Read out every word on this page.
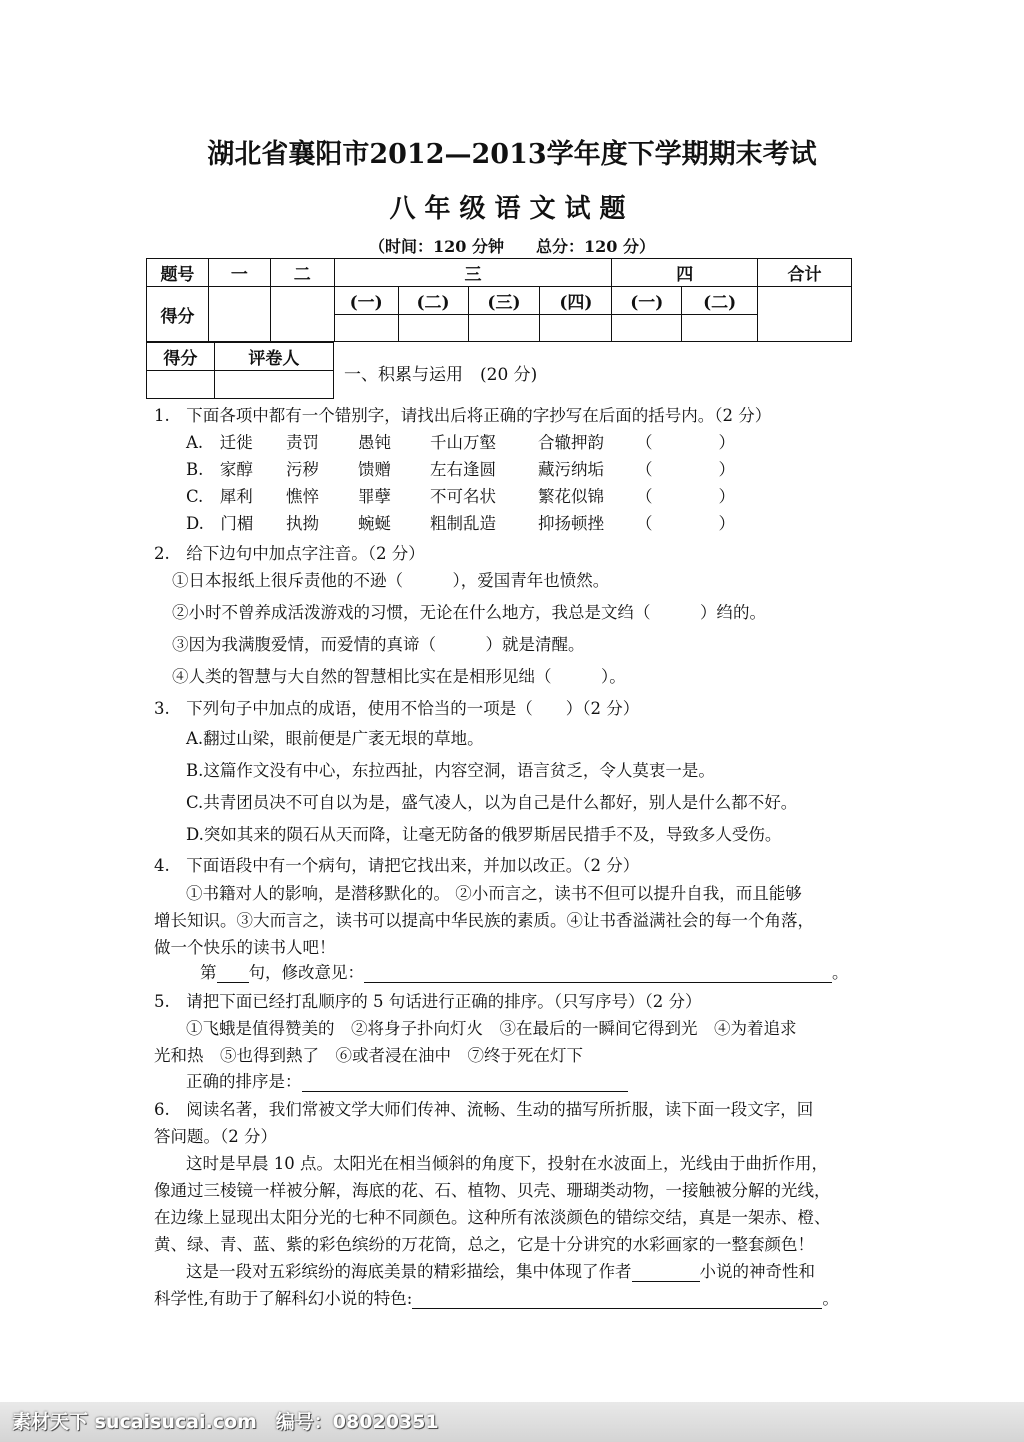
湖北省襄阳市2012—2013学年度下学期期末考试
八年级语文试题
（时间：120 分钟　　总分：120 分）
题号	一	二	三				四		合计
得分			(一)	(二)	(三)	(四)	(一)	(二)	

得分	评卷人

一、积累与运用　(20 分)
1.　下面各项中都有一个错别字，请找出后将正确的字抄写在后面的括号内。（2 分）
A.　迁徙 责罚 愚钝 千山万壑	合辙押韵 （　　　　）
B.　家醇 污秽 馈赠 左右逢圆	藏污纳垢 （　　　　）
C.　犀利 憔悴 罪孽 不可名状	繁花似锦 （　　　　）
D.　门楣 执拗 蜿蜒 粗制乱造	抑扬顿挫 （　　　　）
2.　给下边句中加点字注音。（2 分）
①日本报纸上很斥责他的不逊（　　　），爱国青年也愤然。
②小时不曾养成活泼游戏的习惯，无论在什么地方，我总是文绉（　　　）绉的。
③因为我满腹爱情，而爱情的真谛（　　　）就是清醒。
④人类的智慧与大自然的智慧相比实在是相形见绌（　　　）。
3.　下列句子中加点的成语，使用不恰当的一项是（　　）（2 分）
A.翻过山梁，眼前便是广袤无垠的草地。
B.这篇作文没有中心，东拉西扯，内容空洞，语言贫乏，令人莫衷一是。
C.共青团员决不可自以为是，盛气凌人，以为自己是什么都好，别人是什么都不好。
D.突如其来的陨石从天而降，让毫无防备的俄罗斯居民措手不及，导致多人受伤。
4.　下面语段中有一个病句，请把它找出来，并加以改正。（2 分）
①书籍对人的影响，是潜移默化的。 ②小而言之，读书不但可以提升自我，而且能够
增长知识。③大而言之，读书可以提高中华民族的素质。④让书香溢满社会的每一个角落，
做一个快乐的读书人吧！
第 句，修改意见：	。
5.　请把下面已经打乱顺序的 5 句话进行正确的排序。（只写序号）（2 分）
①飞蛾是值得赞美的　②将身子扑向灯火　③在最后的一瞬间它得到光　④为着追求
光和热　⑤也得到熱了　⑥或者浸在油中　⑦终于死在灯下
正确的排序是：
6.　阅读名著，我们常被文学大师们传神、流畅、生动的描写所折服，读下面一段文字，回
答问题。（2 分）
这时是早晨 10 点。太阳光在相当倾斜的角度下，投射在水波面上，光线由于曲折作用，
像通过三棱镜一样被分解，海底的花、石、植物、贝壳、珊瑚类动物，一接触被分解的光线，
在边缘上显现出太阳分光的七种不同颜色。这种所有浓淡颜色的错综交结，真是一架赤、橙、
黄、绿、青、蓝、紫的彩色缤纷的万花筒，总之，它是十分讲究的水彩画家的一整套颜色！
这是一段对五彩缤纷的海底美景的精彩描绘，集中体现了作者	小说的神奇性和
科学性,有助于了解科幻小说的特色:	。
素材天下 sucaisucai.com　编号：08020351
